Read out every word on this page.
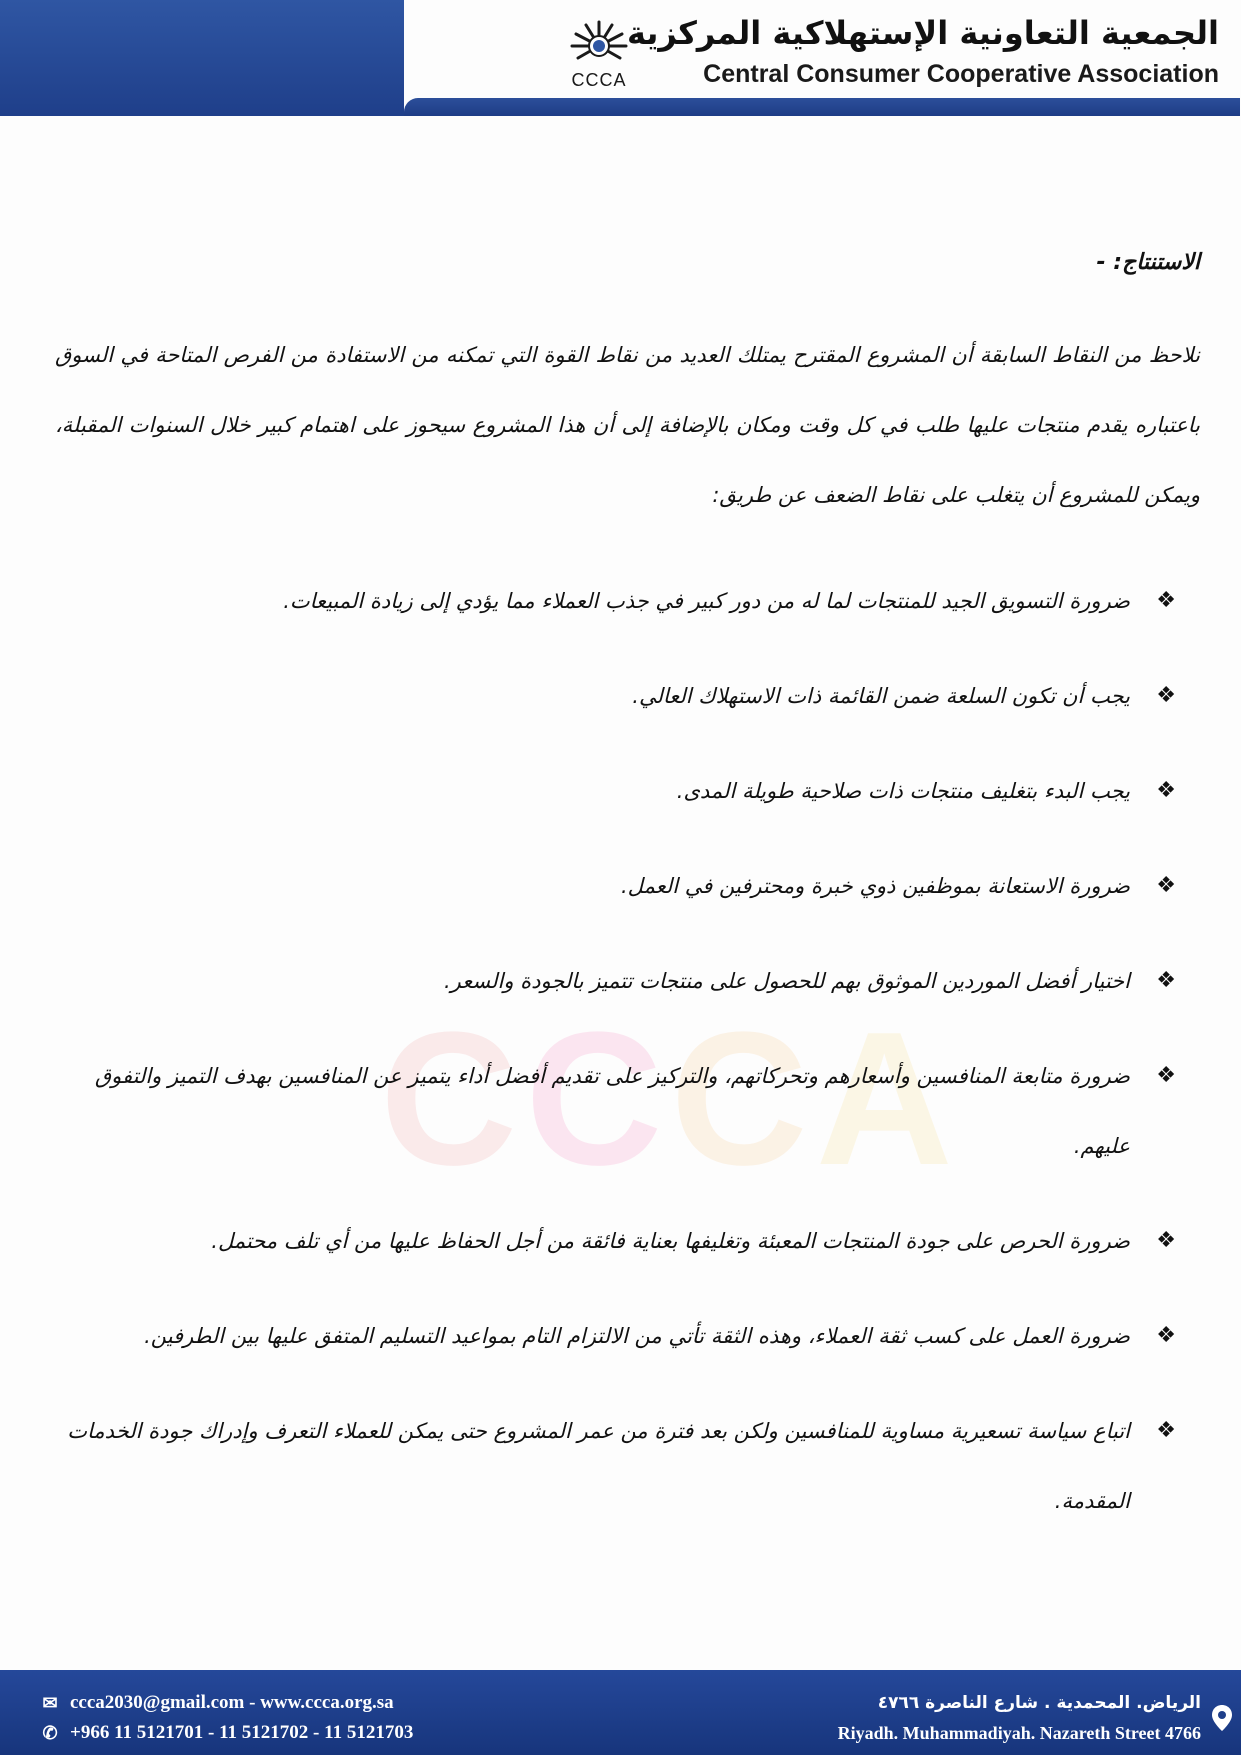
CCCA
الجمعية التعاونية الإستهلاكية المركزية
Central Consumer Cooperative Association
CCCA
الاستنتاج: -

نلاحظ من النقاط السابقة أن المشروع المقترح يمتلك العديد من نقاط القوة التي تمكنه من الاستفادة من الفرص المتاحة في السوق باعتباره يقدم منتجات عليها طلب في كل وقت ومكان بالإضافة إلى أن هذا المشروع سيحوز على اهتمام كبير خلال السنوات المقبلة، ويمكن للمشروع أن يتغلب على نقاط الضعف عن طريق:

❖
ضرورة التسويق الجيد للمنتجات لما له من دور كبير في جذب العملاء مما يؤدي إلى زيادة المبيعات.
❖
يجب أن تكون السلعة ضمن القائمة ذات الاستهلاك العالي.
❖
يجب البدء بتغليف منتجات ذات صلاحية طويلة المدى.
❖
ضرورة الاستعانة بموظفين ذوي خبرة ومحترفين في العمل.
❖
اختيار أفضل الموردين الموثوق بهم للحصول على منتجات تتميز بالجودة والسعر.
❖
ضرورة متابعة المنافسين وأسعارهم وتحركاتهم، والتركيز على تقديم أفضل أداء يتميز عن المنافسين بهدف التميز والتفوق عليهم.
❖
ضرورة الحرص على جودة المنتجات المعبئة وتغليفها بعناية فائقة من أجل الحفاظ عليها من أي تلف محتمل.
❖
ضرورة العمل على كسب ثقة العملاء، وهذه الثقة تأتي من الالتزام التام بمواعيد التسليم المتفق عليها بين الطرفين.
❖
اتباع سياسة تسعيرية مساوية للمنافسين ولكن بعد فترة من عمر المشروع حتى يمكن للعملاء التعرف وإدراك جودة الخدمات المقدمة.
✉ ccca2030@gmail.com - www.ccca.org.sa
✆ +966 11 5121701 - 11 5121702 - 11 5121703
الرياض. المحمدية . شارع الناصرة ٤٧٦٦
Riyadh. Muhammadiyah. Nazareth Street 4766
